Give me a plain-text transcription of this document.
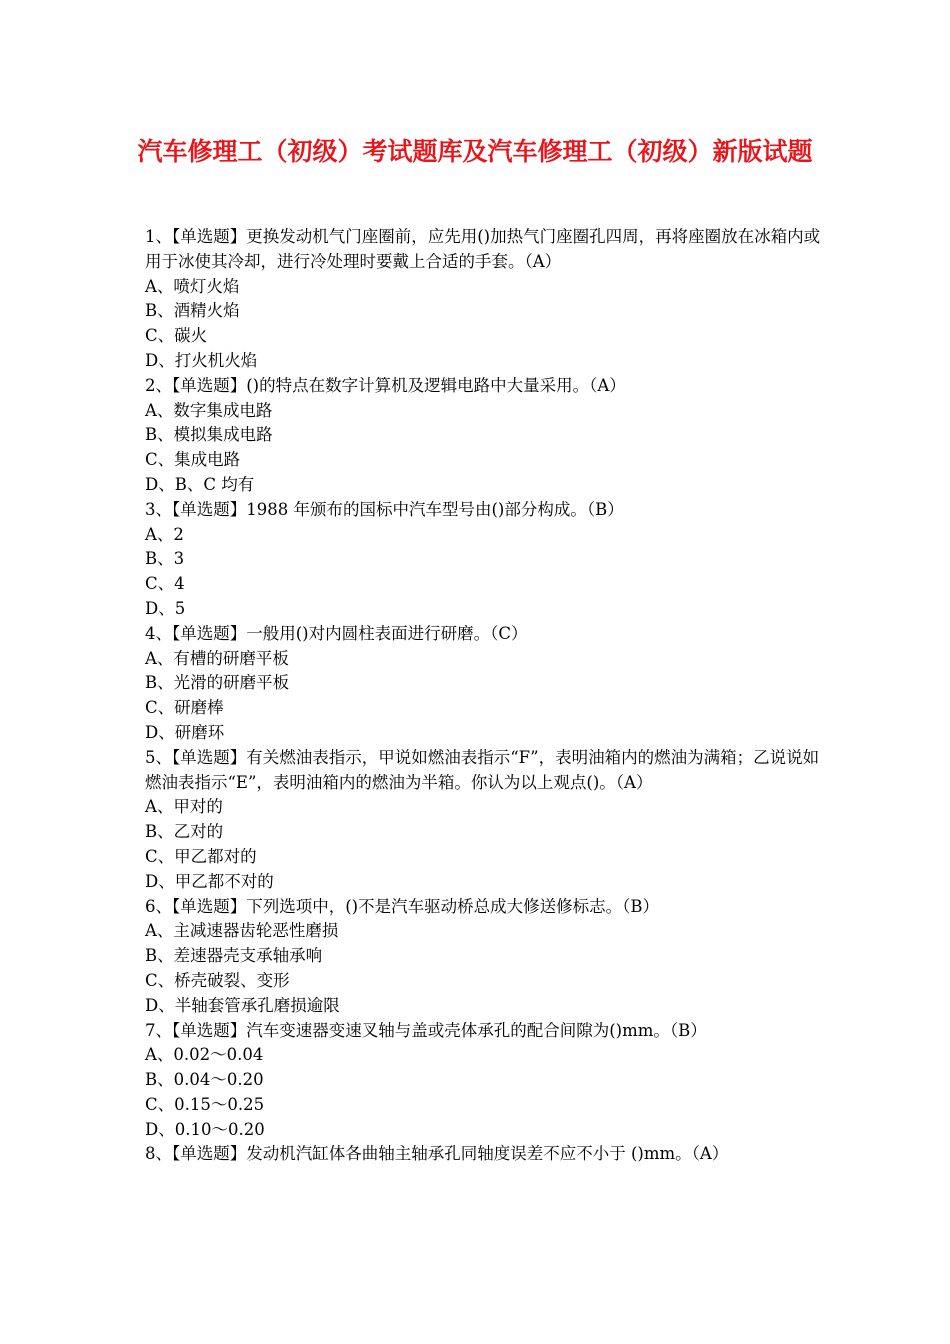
汽车修理工（初级）考试题库及汽车修理工（初级）新版试题

1、【单选题】更换发动机气门座圈前，应先用()加热气门座圈孔四周，再将座圈放在冰箱内或用于冰使其冷却，进行冷处理时要戴上合适的手套。（A）

A、喷灯火焰

B、酒精火焰

C、碳火

D、打火机火焰

2、【单选题】()的特点在数字计算机及逻辑电路中大量采用。（A）

A、数字集成电路

B、模拟集成电路

C、集成电路

D、B、C 均有

3、【单选题】1988 年颁布的国标中汽车型号由()部分构成。（B）

A、2

B、3

C、4

D、5

4、【单选题】一般用()对内圆柱表面进行研磨。（C）

A、有槽的研磨平板

B、光滑的研磨平板

C、研磨棒

D、研磨环

5、【单选题】有关燃油表指示，甲说如燃油表指示“F”，表明油箱内的燃油为满箱；乙说说如燃油表指示“E”，表明油箱内的燃油为半箱。你认为以上观点()。（A）

A、甲对的

B、乙对的

C、甲乙都对的

D、甲乙都不对的

6、【单选题】下列选项中，()不是汽车驱动桥总成大修送修标志。（B）

A、主减速器齿轮恶性磨损

B、差速器壳支承轴承响

C、桥壳破裂、变形

D、半轴套管承孔磨损逾限

7、【单选题】汽车变速器变速叉轴与盖或壳体承孔的配合间隙为()mm。（B）

A、0.02～0.04

B、0.04～0.20

C、0.15～0.25

D、0.10～0.20

8、【单选题】发动机汽缸体各曲轴主轴承孔同轴度误差不应不小于 ()mm。（A）
